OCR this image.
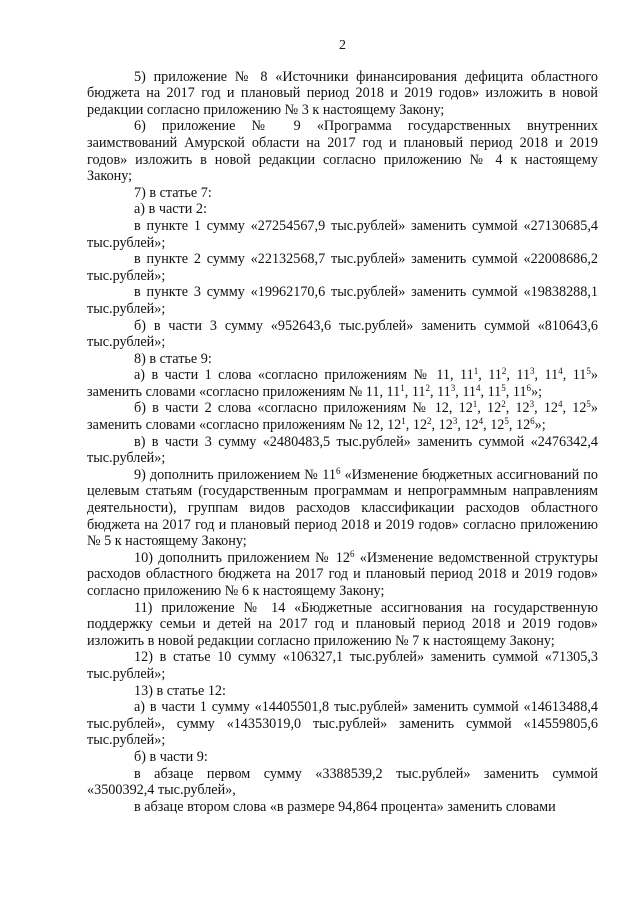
2

5) приложение № 8 «Источники финансирования дефицита областного бюджета на 2017 год и плановый период 2018 и 2019 годов» изложить в новой редакции согласно приложению № 3 к настоящему Закону;

6) приложение № 9 «Программа государственных внутренних заимствований Амурской области на 2017 год и плановый период 2018 и 2019 годов» изложить в новой редакции согласно приложению № 4 к настоящему Закону;

7) в статье 7:

а) в части 2:

в пункте 1 сумму «27254567,9 тыс.рублей» заменить суммой «27130685,4 тыс.рублей»;

в пункте 2 сумму «22132568,7 тыс.рублей» заменить суммой «22008686,2 тыс.рублей»;

в пункте 3 сумму «19962170,6 тыс.рублей» заменить суммой «19838288,1 тыс.рублей»;

б) в части 3 сумму «952643,6 тыс.рублей» заменить суммой «810643,6 тыс.рублей»;

8) в статье 9:

а) в части 1 слова «согласно приложениям № 11, $11^1$, $11^2$, $11^3$, $11^4$, $11^5$» заменить словами «согласно приложениям № 11, $11^1$, $11^2$, $11^3$, $11^4$, $11^5$, $11^6$»;

б) в части 2 слова «согласно приложениям № 12, $12^1$, $12^2$, $12^3$, $12^4$, $12^5$» заменить словами «согласно приложениям № 12, $12^1$, $12^2$, $12^3$, $12^4$, $12^5$, $12^6$»;

в) в части 3 сумму «2480483,5 тыс.рублей» заменить суммой «2476342,4 тыс.рублей»;

9) дополнить приложением № $11^6$ «Изменение бюджетных ассигнований по целевым статьям (государственным программам и непрограммным направлениям деятельности), группам видов расходов классификации расходов областного бюджета на 2017 год и плановый период 2018 и 2019 годов» согласно приложению № 5 к настоящему Закону;

10) дополнить приложением № $12^6$ «Изменение ведомственной структуры расходов областного бюджета на 2017 год и плановый период 2018 и 2019 годов» согласно приложению № 6 к настоящему Закону;

11) приложение № 14 «Бюджетные ассигнования на государственную поддержку семьи и детей на 2017 год и плановый период 2018 и 2019 годов» изложить в новой редакции согласно приложению № 7 к настоящему Закону;

12) в статье 10 сумму «106327,1 тыс.рублей» заменить суммой «71305,3 тыс.рублей»;

13) в статье 12:

а) в части 1 сумму «14405501,8 тыс.рублей» заменить суммой «14613488,4 тыс.рублей», сумму «14353019,0 тыс.рублей» заменить суммой «14559805,6 тыс.рублей»;

б) в части 9:

в абзаце первом сумму «3388539,2 тыс.рублей» заменить суммой «3500392,4 тыс.рублей»,

в абзаце втором слова «в размере 94,864 процента» заменить словами
